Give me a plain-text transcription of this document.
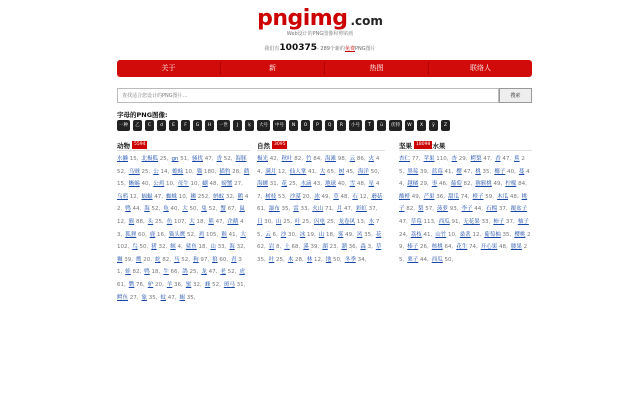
pngimg .com
Web设计的PNG图像和剪贴画
我们有100375- 289个新的免费PNG图片
关于	新	热图	联络人
查找适合您设计的PNG图片...
搜索
字母的PNG图像:
一种	乙	C	d	E	F	G	H	一世	J	ķ	大号	中号	N	O	P	Q	R	小号	Ť	ü	伏特	W	X	ÿ	Z
动物 5594
水獭 15, 北极狐 25, gn 51, 骚扰 47, 香 52, 海豚 52, 乌贼 25, 公 14, 蟾蜍 10, 猫 180, 猫豹 28, 鹤 15, 蜥蜴 40, 公鸡 10, 母牛 10, 蝴 48, 螃蟹 27,乌鸦 12, 蝠蝠 47, 蜘蛛 10, 狮 252, 蚂蚁 32, 鹅 42, 鸭 44, 海 52, 龟 40, 大 50, 兔 52, 蟹 67, 鼠 12, 猴 88, 头 25, 鱼 107, 大 18, 熊 47, 企鹅 43, 狐狸 60, 鹿 16, 猫头鹰 52, 鸡 105, 猴 41, 大 102, 鸟 50, 猪 32, 鲸 4, 鲨鱼 18, 山 33, 海 32,狮 39, 鹰 20, 蛇 82, 马 52, 狗 97, 狼 60, 青 31, 蛙 82, 鸭 18, 牛 66, 鸽 25, 龙 47, 老 52, 虎 61, 鹦 76, 驴 20, 羊 36, 蜜 32, 蜂 52, 斑马 31,鳄鱼 27, 象 35, 蚊 47, 蝎 35,
自然 3095
极光 42, 秋叶 82, 竹 84, 海滩 98, 云 86, 火 44, 满月 12, 仙人掌 41, 大 65, 树 45, 海洋 50,海螺 31, 花 25, 水滴 43, 地球 40, 雪 48, 星 47, 树枝 53, 沙漠 20, 冰 49, 草 48, 石 12, 蘑菇 61, 瀑布 35, 雷 33, 火山 71, 月 47, 彩虹 37,日 30, 山 25, 叶 25, 闪电 25, 龙卷风 13, 水 75, 云 6, 沙 30, 冰 19, 山 18, 雾 49, 风 35, 花 62, 岩 8, 土 68, 溪 39, 湖 23, 潮 36, 森 3, 草 35, 叶 25, 木 28, 林 12, 地 50, 冬季 34,
坚果 18098 水果
杏仁 77, 苹果 110, 杏 29, 鳄梨 47, 香 47, 蕉 25, 黑莓 39, 蓝莓 41, 樱 47, 桃 35, 椰子 40, 蔓 44, 越橘 29, 枣 46, 葡萄 82, 猕猴桃 49, 柠檬 84,酸橙 49, 芒果 36, 甜瓜 74, 橙子 59, 木瓜 48, 桃子 82, 梨 57, 菠萝 93, 李子 44, 石榴 37, 覆盆子 47, 草莓 113, 西瓜 91, 无花果 33, 柿子 37, 柚子 24, 荔枝 41, 山竹 10, 桑葚 12, 葡萄柚 35, 樱桃 29, 榛子 26, 核桃 64, 花生 74, 开心果 48, 腰果 25, 栗子 44, 西瓜 50,
